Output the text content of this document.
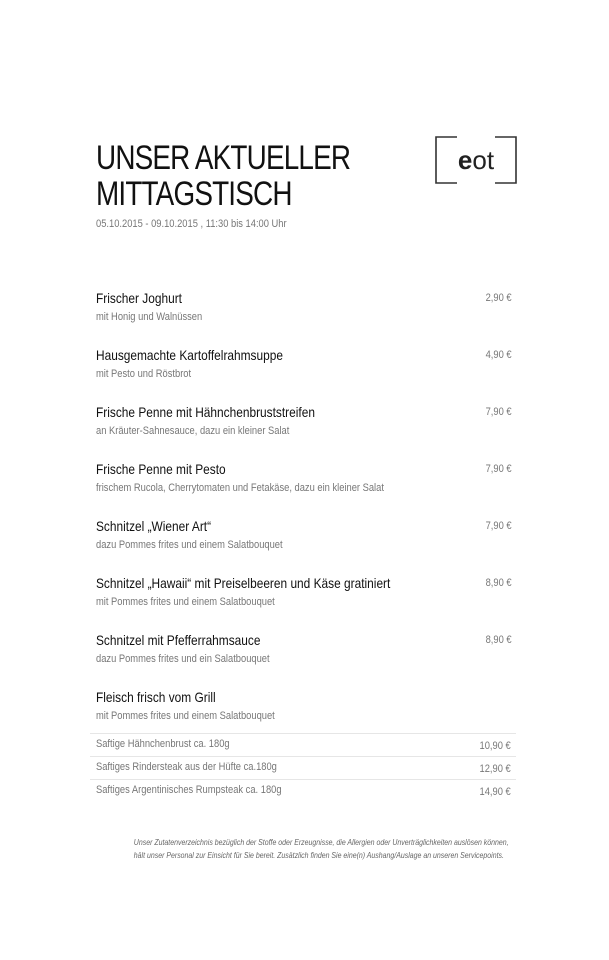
UNSER AKTUELLER
MITTAGSTISCH
05.10.2015 - 09.10.2015 , 11:30 bis 14:00 Uhr
e ot
Frischer Joghurt
mit Honig und Walnüssen
2,90 €
Hausgemachte Kartoffelrahmsuppe
mit Pesto und Röstbrot
4,90 €
Frische Penne mit Hähnchenbruststreifen
an Kräuter-Sahnesauce, dazu ein kleiner Salat
7,90 €
Frische Penne mit Pesto
frischem Rucola, Cherrytomaten und Fetakäse, dazu ein kleiner Salat
7,90 €
Schnitzel „Wiener Art“
dazu Pommes frites und einem Salatbouquet
7,90 €
Schnitzel „Hawaii“ mit Preiselbeeren und Käse gratiniert
mit Pommes frites und einem Salatbouquet
8,90 €
Schnitzel mit Pfefferrahmsauce
dazu Pommes frites und ein Salatbouquet
8,90 €
Fleisch frisch vom Grill
mit Pommes frites und einem Salatbouquet
Saftige Hähnchenbrust ca. 180g	10,90 €
Saftiges Rindersteak aus der Hüfte ca.180g	12,90 €
Saftiges Argentinisches Rumpsteak ca. 180g	14,90 €
Unser Zutatenverzeichnis bezüglich der Stoffe oder Erzeugnisse, die Allergien oder Unverträglichkeiten auslösen können,
hält unser Personal zur Einsicht für Sie bereit. Zusätzlich finden Sie eine(n) Aushang/Auslage an unseren Servicepoints.
